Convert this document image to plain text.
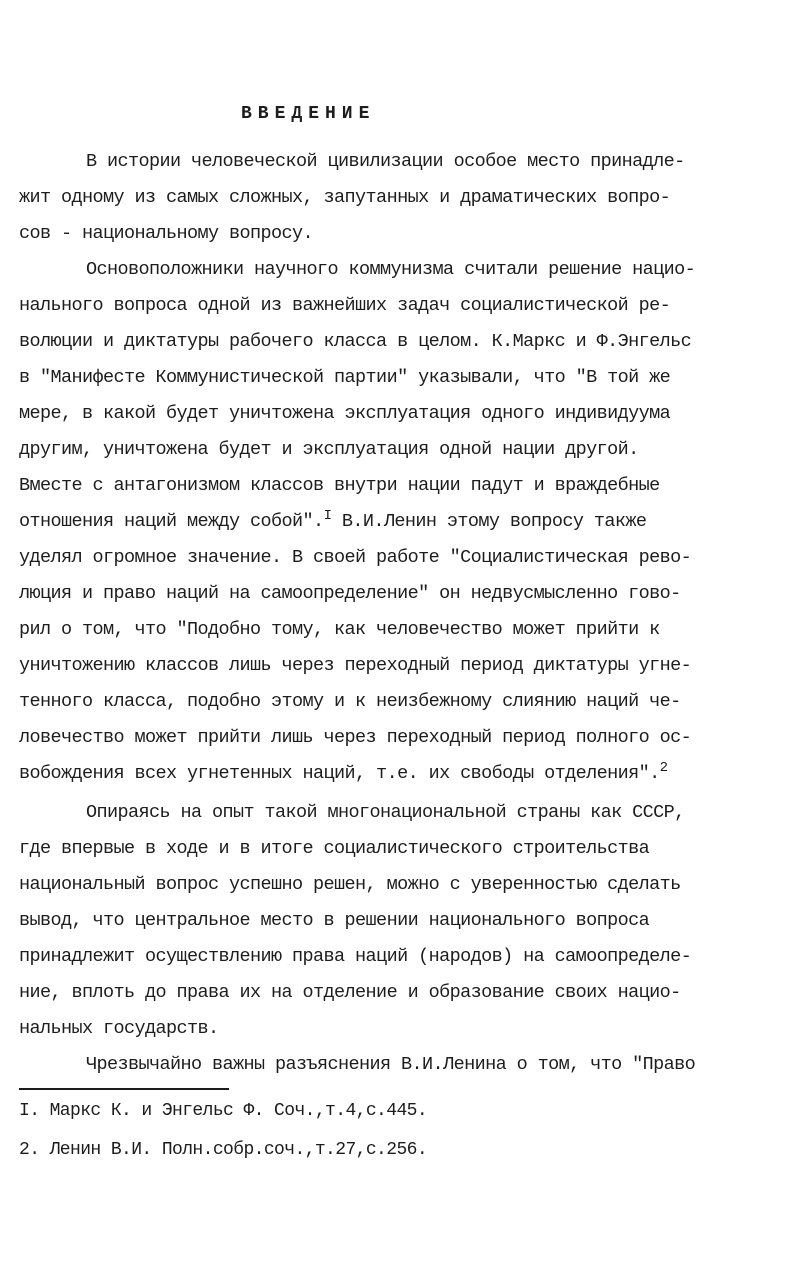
ВВЕДЕНИЕ
В истории человеческой цивилизации особое место принадле-
жит одному из самых сложных, запутанных и драматических вопро-
сов - национальному вопросу.
Основоположники научного коммунизма считали решение нацио-
нального вопроса одной из важнейших задач социалистической ре-
волюции и диктатуры рабочего класса в целом. К.Маркс и Ф.Энгельс
в "Манифесте Коммунистической партии" указывали, что "В той же
мере, в какой будет уничтожена эксплуатация одного индивидуума
другим, уничтожена будет и эксплуатация одной нации другой.
Вместе с антагонизмом классов внутри нации падут и враждебные
отношения наций между собой".$^I$ В.И.Ленин этому вопросу также
уделял огромное значение. В своей работе "Социалистическая рево-
люция и право наций на самоопределение" он недвусмысленно гово-
рил о том, что "Подобно тому, как человечество может прийти к
уничтожению классов лишь через переходный период диктатуры угне-
тенного класса, подобно этому и к неизбежному слиянию наций че-
ловечество может прийти лишь через переходный период полного ос-
вобождения всех угнетенных наций, т.е. их свободы отделения".$^2$
Опираясь на опыт такой многонациональной страны как СССР,
где впервые в ходе и в итоге социалистического строительства
национальный вопрос успешно решен, можно с уверенностью сделать
вывод, что центральное место в решении национального вопроса
принадлежит осуществлению права наций (народов) на самоопределе-
ние, вплоть до права их на отделение и образование своих нацио-
нальных государств.
Чрезвычайно важны разъяснения В.И.Ленина о том, что "Право
I. Маркс К. и Энгельс Ф. Соч.,т.4,с.445.
2. Ленин В.И. Полн.собр.соч.,т.27,с.256.
